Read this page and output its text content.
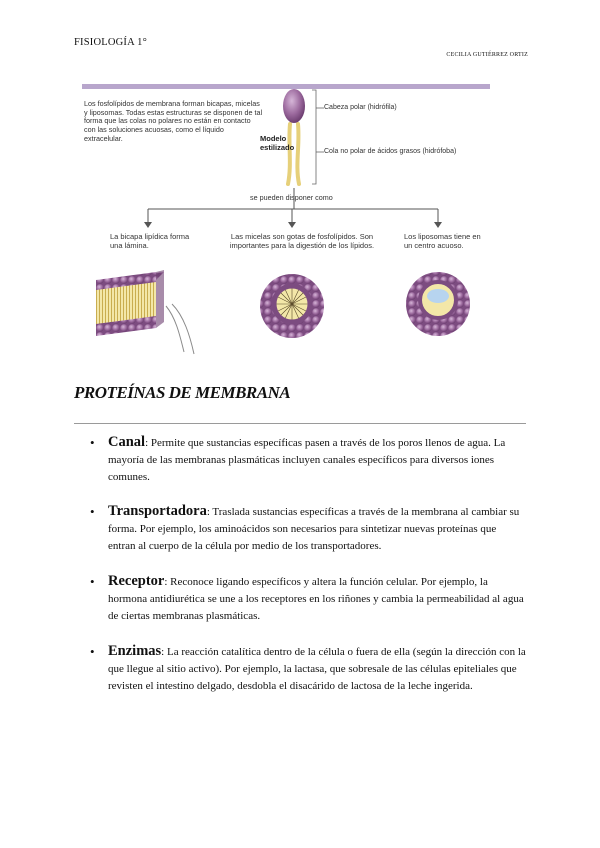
FISIOLOGÍA 1°
CECILIA GUTIÉRREZ ORTIZ
Los fosfolípidos de membrana forman bicapas, micelas y liposomas. Todas estas estructuras se disponen de tal forma que las colas no polares no están en contacto con las soluciones acuosas, como el líquido extracelular.
Cabeza polar (hidrófila)
Cola no polar de ácidos grasos (hidrófoba)
Modelo estilizado
se pueden disponer como
La bicapa lipídica forma una lámina.
Las micelas son gotas de fosfolípidos. Son importantes para la digestión de los lípidos.
Los liposomas tiene en un centro acuoso.
PROTEÍNAS DE MEMBRANA
• Canal: Permite que sustancias específicas pasen a través de los poros llenos de agua. La mayoría de las membranas plasmáticas incluyen canales específicos para diversos iones comunes.
• Transportadora: Traslada sustancias específicas a través de la membrana al cambiar su forma. Por ejemplo, los aminoácidos son necesarios para sintetizar nuevas proteínas que entran al cuerpo de la célula por medio de los transportadores.
• Receptor: Reconoce ligando específicos y altera la función celular. Por ejemplo, la hormona antidiurética se une a los receptores en los riñones y cambia la permeabilidad al agua de ciertas membranas plasmáticas.
• Enzimas: La reacción catalítica dentro de la célula o fuera de ella (según la dirección con la que llegue al sitio activo). Por ejemplo, la lactasa, que sobresale de las células epiteliales que revisten el intestino delgado, desdobla el disacárido de lactosa de la leche ingerida.
